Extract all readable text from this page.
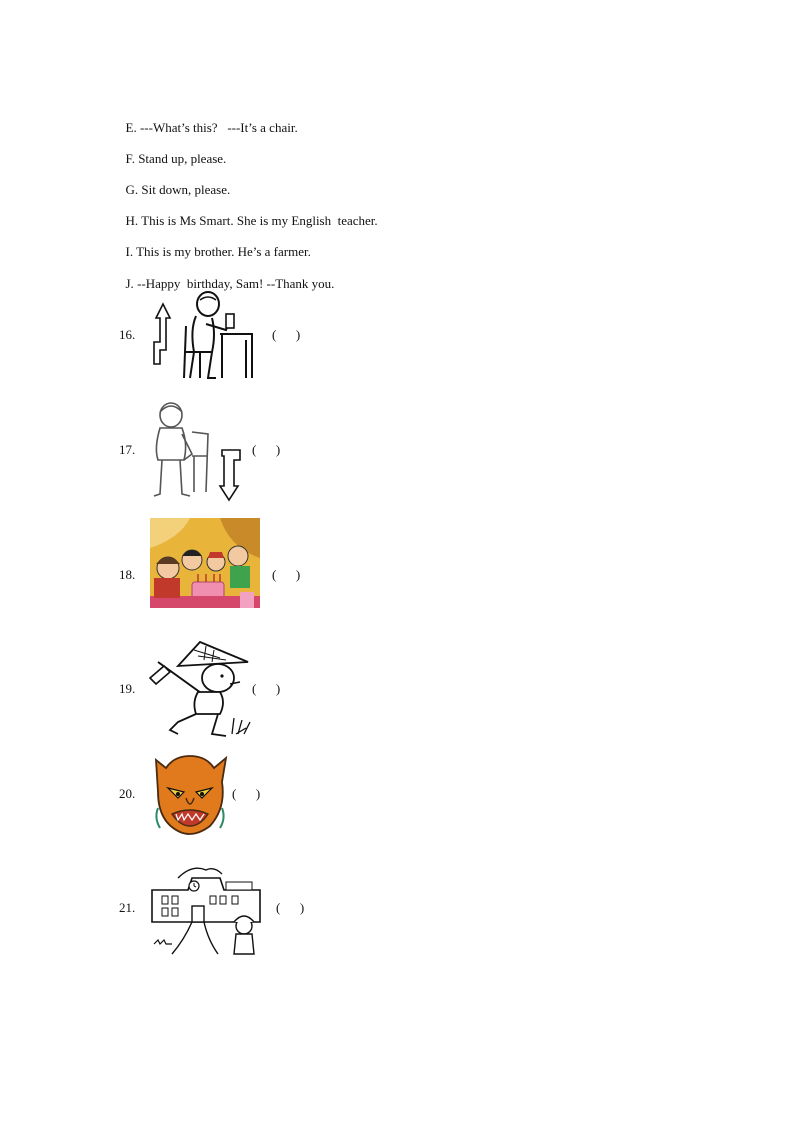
E. ---What’s this?   ---It’s a chair.

F. Stand up, please.

G. Sit down, please.

H. This is Ms Smart. She is my English  teacher.

I. This is my brother. He’s a farmer.

J. --Happy  birthday, Sam! --Thank you.

16.	(      )
17.	(      )
18.	(      )
19.	(      )
20.	(      )
21.	(      )
